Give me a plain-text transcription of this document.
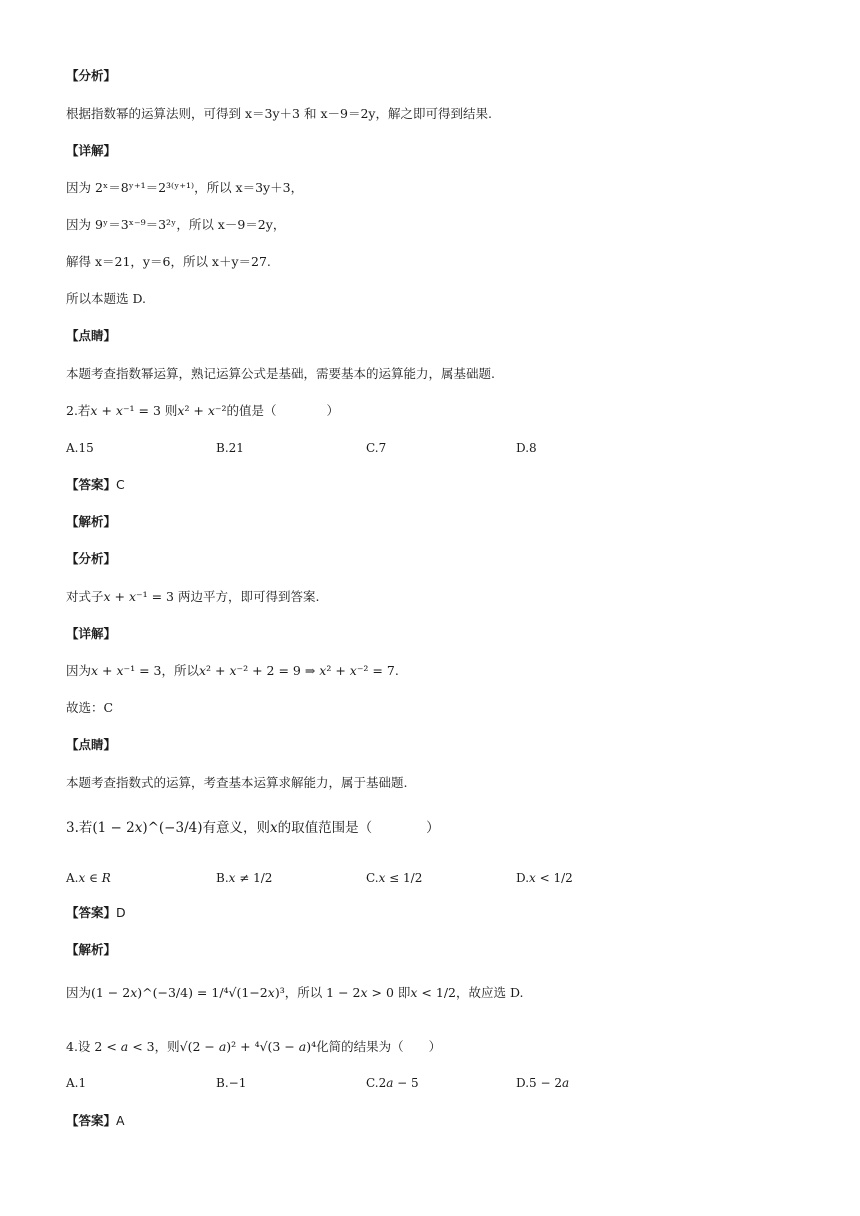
【分析】
根据指数幂的运算法则，可得到 x＝3y＋3 和 x－9＝2y，解之即可得到结果.
【详解】
因为 2ˣ＝8ʸ⁺¹＝2³⁽ʸ⁺¹⁾，所以 x＝3y＋3，
因为 9ʸ＝3ˣ⁻⁹＝3²ʸ，所以 x－9＝2y，
解得 x＝21，y＝6，所以 x＋y＝27.
所以本题选 D.
【点睛】
本题考查指数幂运算，熟记运算公式是基础，需要基本的运算能力，属基础题.
2.若𝑥 + 𝑥⁻¹ = 3 则𝑥² + 𝑥⁻²的值是（　　　　）
A.15	B.21	C.7	D.8
【答案】C
【解析】
【分析】
对式子𝑥 + 𝑥⁻¹ = 3 两边平方，即可得到答案.
【详解】
因为𝑥 + 𝑥⁻¹ = 3，所以𝑥² + 𝑥⁻² + 2 = 9 ⇒ 𝑥² + 𝑥⁻² = 7.
故选：C
【点睛】
本题考查指数式的运算，考查基本运算求解能力，属于基础题.
3.若(1 − 2𝑥)^(−3/4)有意义，则𝑥的取值范围是（　　　　）
A.𝑥 ∈ 𝑅	B.𝑥 ≠ 1/2	C.𝑥 ≤ 1/2	D.𝑥 < 1/2
【答案】D
【解析】
因为(1 − 2𝑥)^(−3/4) = 1/⁴√(1−2𝑥)³，所以 1 − 2𝑥 > 0 即𝑥 < 1/2，故应选 D.
4.设 2 < 𝑎 < 3，则√(2 − 𝑎)² + ⁴√(3 − 𝑎)⁴化简的结果为（　　）
A.1	B.−1	C.2𝑎 − 5	D.5 − 2𝑎
【答案】A
